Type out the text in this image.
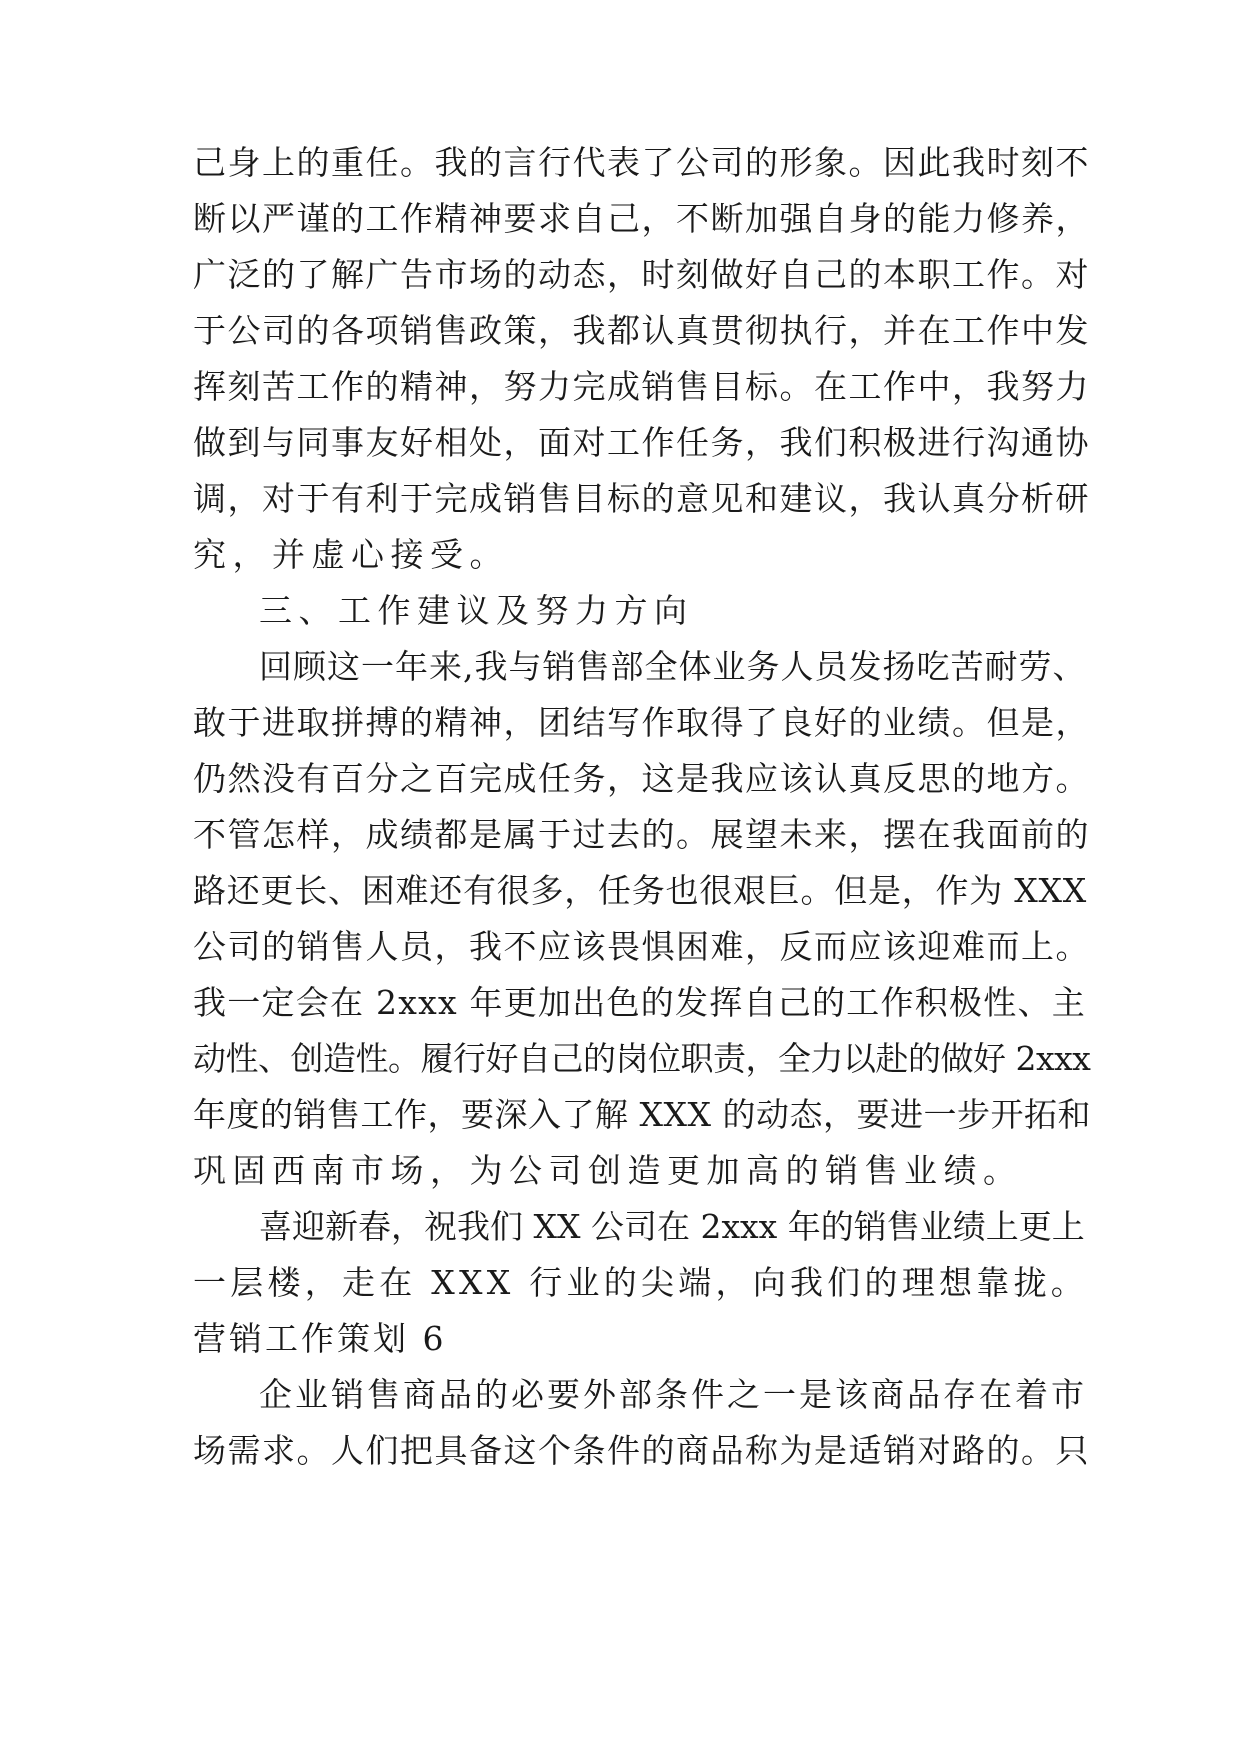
己身上的重任。我的言行代表了公司的形象。因此我时刻不
断以严谨的工作精神要求自己，不断加强自身的能力修养，
广泛的了解广告市场的动态，时刻做好自己的本职工作。对
于公司的各项销售政策，我都认真贯彻执行，并在工作中发
挥刻苦工作的精神，努力完成销售目标。在工作中，我努力
做到与同事友好相处，面对工作任务，我们积极进行沟通协
调，对于有利于完成销售目标的意见和建议，我认真分析研
究，并虚心接受。
三、工作建议及努力方向
回顾这一年来,我与销售部全体业务人员发扬吃苦耐劳、
敢于进取拼搏的精神，团结写作取得了良好的业绩。但是，
仍然没有百分之百完成任务，这是我应该认真反思的地方。
不管怎样，成绩都是属于过去的。展望未来，摆在我面前的
路还更长、困难还有很多，任务也很艰巨。但是，作为 XXX
公司的销售人员，我不应该畏惧困难，反而应该迎难而上。
我一定会在 2xxx 年更加出色的发挥自己的工作积极性、主
动性、创造性。履行好自己的岗位职责，全力以赴的做好 2xxx
年度的销售工作，要深入了解 XXX 的动态，要进一步开拓和
巩固西南市场，为公司创造更加高的销售业绩。
喜迎新春，祝我们 XX 公司在 2xxx 年的销售业绩上更上
一层楼，走在 XXX 行业的尖端，向我们的理想靠拢。
营销工作策划 6
企业销售商品的必要外部条件之一是该商品存在着市
场需求。人们把具备这个条件的商品称为是适销对路的。只
